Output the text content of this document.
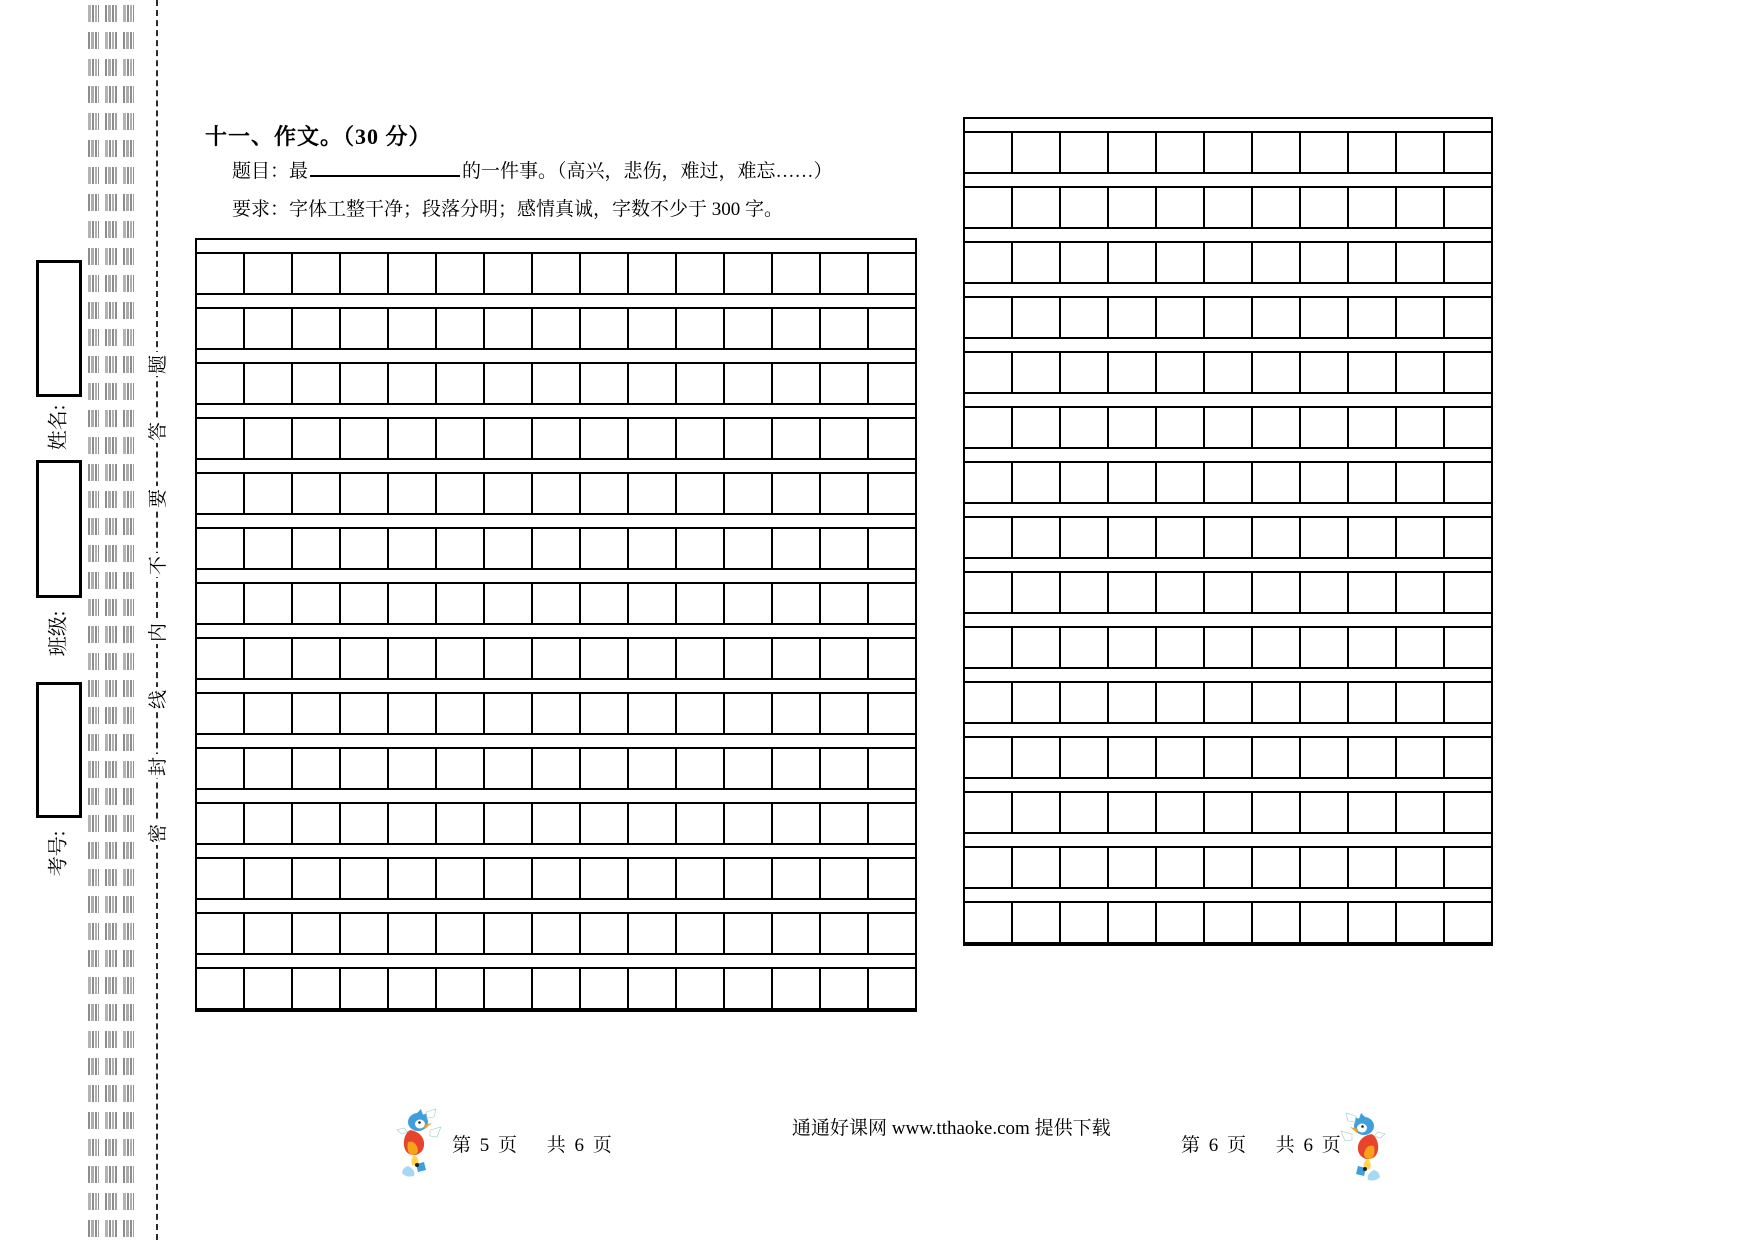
题
答
要
不
内
线
封
密
姓名:
班级:
考号:
十一、作文。（30 分）
题目：最	的一件事。（高兴，悲伤，难过，难忘……）
要求：字体工整干净；段落分明；感情真诚，字数不少于 300 字。
第 5 页　 共 6 页
通通好课网 www.tthaoke.com 提供下载
第 6 页　 共 6 页
